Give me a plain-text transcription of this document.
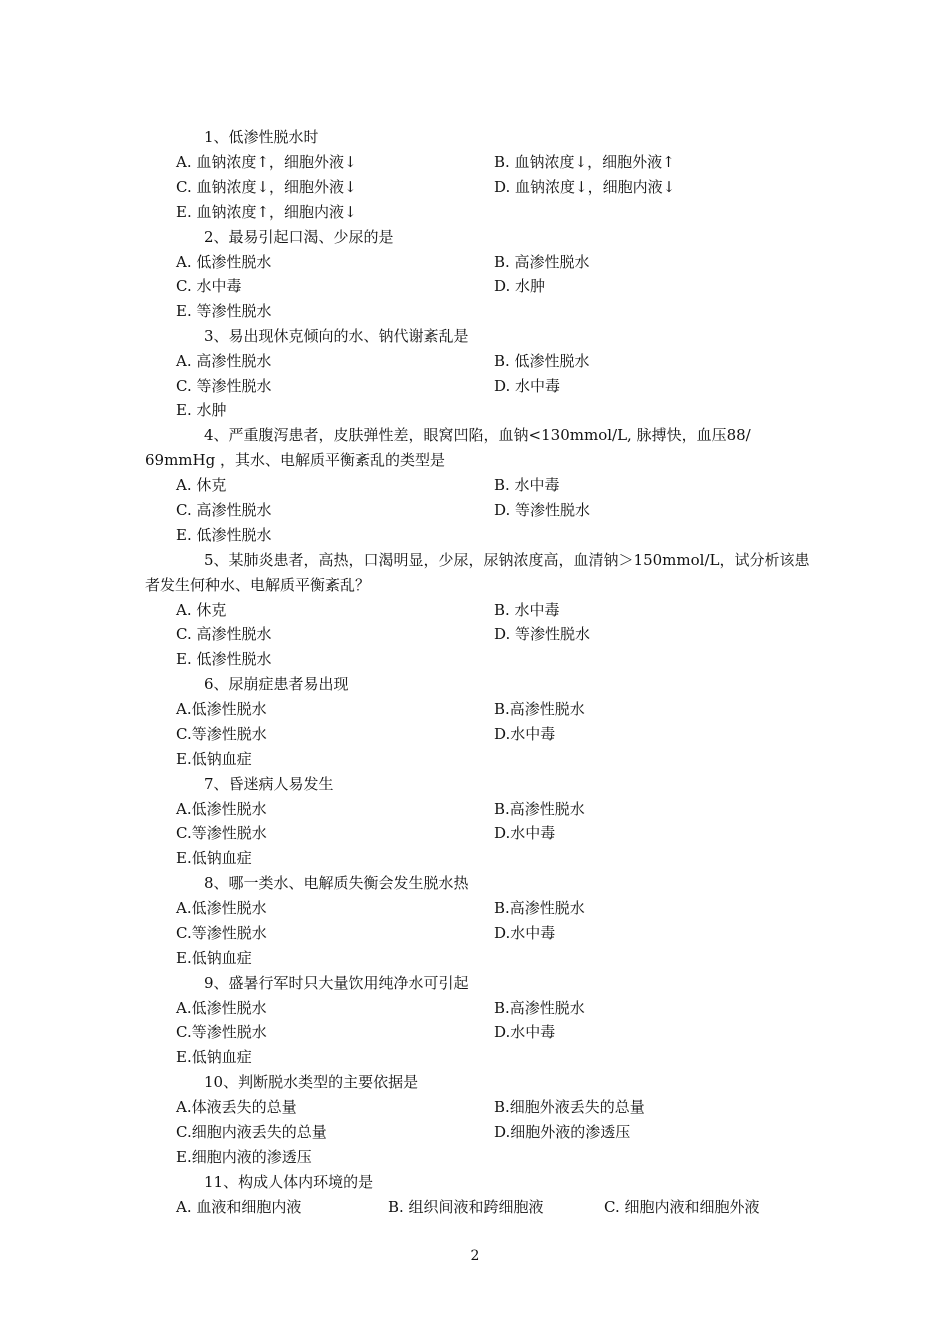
1、低渗性脱水时
A. 血钠浓度↑，细胞外液↓	B. 血钠浓度↓，细胞外液↑
C. 血钠浓度↓，细胞外液↓	D. 血钠浓度↓，细胞内液↓
E. 血钠浓度↑，细胞内液↓
2、最易引起口渴、少尿的是
A. 低渗性脱水	B. 高渗性脱水
C. 水中毒	D. 水肿
E. 等渗性脱水
3、易出现休克倾向的水、钠代谢紊乱是
A. 高渗性脱水	B. 低渗性脱水
C. 等渗性脱水	D. 水中毒
E. 水肿
4、严重腹泻患者，皮肤弹性差，眼窝凹陷，血钠<130mmol/L, 脉搏快，血压88/
69mmHg ，其水、电解质平衡紊乱的类型是
A. 休克	B. 水中毒
C. 高渗性脱水	D. 等渗性脱水
E. 低渗性脱水
5、某肺炎患者，高热，口渴明显，少尿，尿钠浓度高，血清钠＞150mmol/L，试分析该患
者发生何种水、电解质平衡紊乱？
A. 休克	B. 水中毒
C. 高渗性脱水	D. 等渗性脱水
E. 低渗性脱水
6、尿崩症患者易出现
A.低渗性脱水	B.高渗性脱水
C.等渗性脱水	D.水中毒
E.低钠血症
7、昏迷病人易发生
A.低渗性脱水	B.高渗性脱水
C.等渗性脱水	D.水中毒
E.低钠血症
8、哪一类水、电解质失衡会发生脱水热
A.低渗性脱水	B.高渗性脱水
C.等渗性脱水	D.水中毒
E.低钠血症
9、盛暑行军时只大量饮用纯净水可引起
A.低渗性脱水	B.高渗性脱水
C.等渗性脱水	D.水中毒
E.低钠血症
10、判断脱水类型的主要依据是
A.体液丢失的总量	B.细胞外液丢失的总量
C.细胞内液丢失的总量	D.细胞外液的渗透压
E.细胞内液的渗透压
11、构成人体内环境的是
A. 血液和细胞内液	B. 组织间液和跨细胞液	C. 细胞内液和细胞外液
2
